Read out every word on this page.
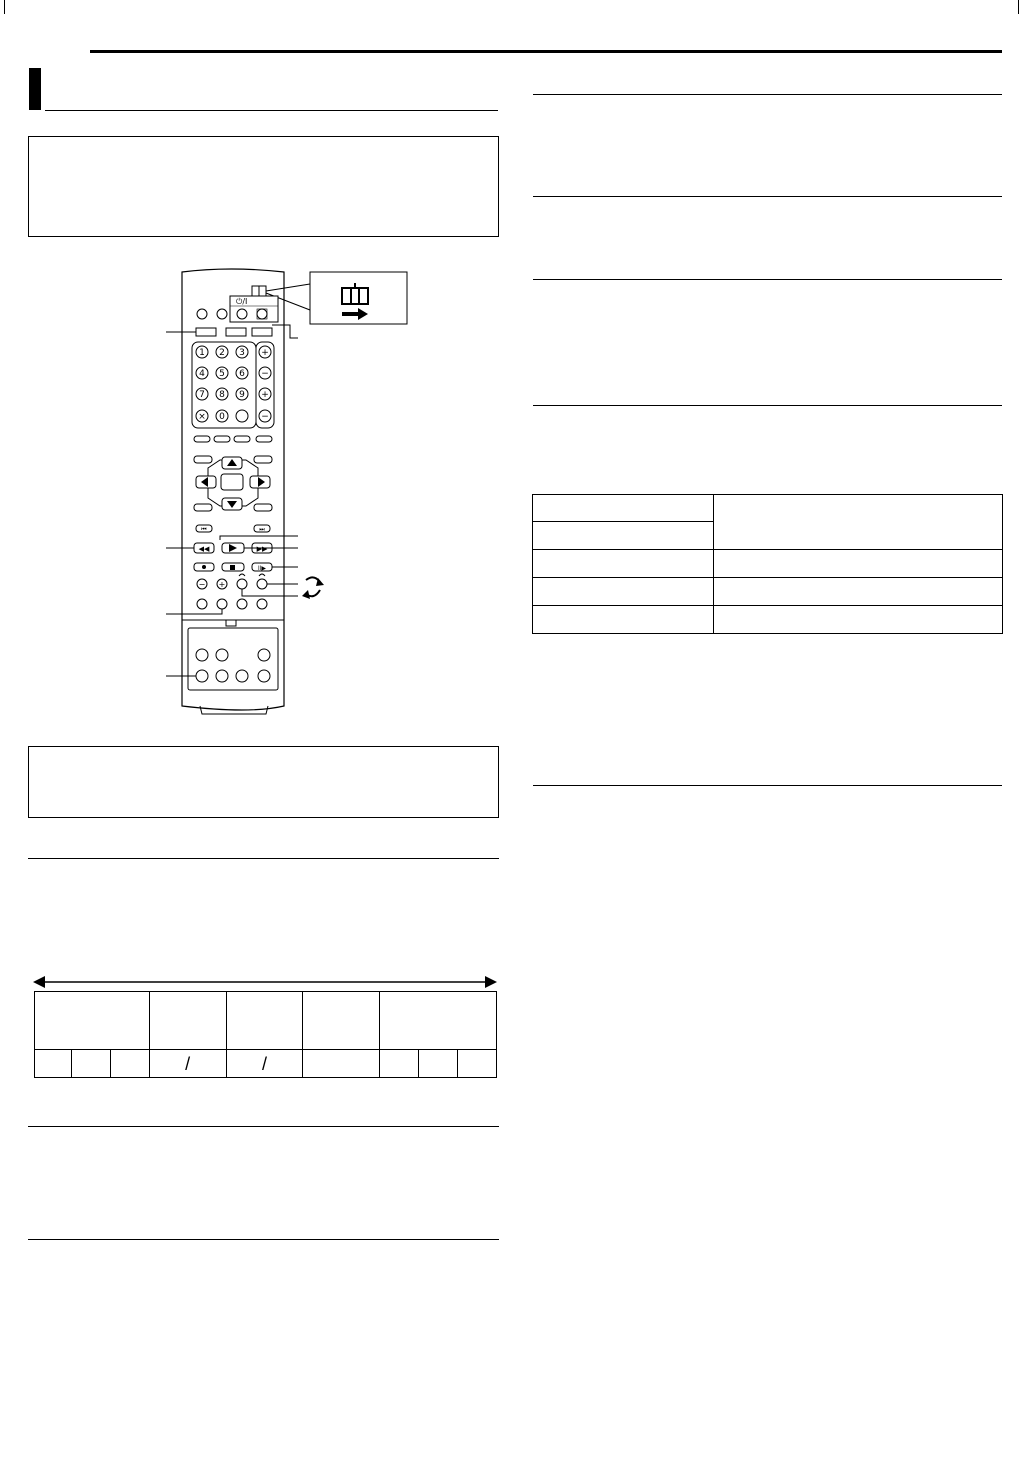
⏻/I
1 2 3
4 5 6
7 8 9
× 0
+
−
+
−
⏮	⏭
◀◀	▶▶
II▶
− +

			/	/				
